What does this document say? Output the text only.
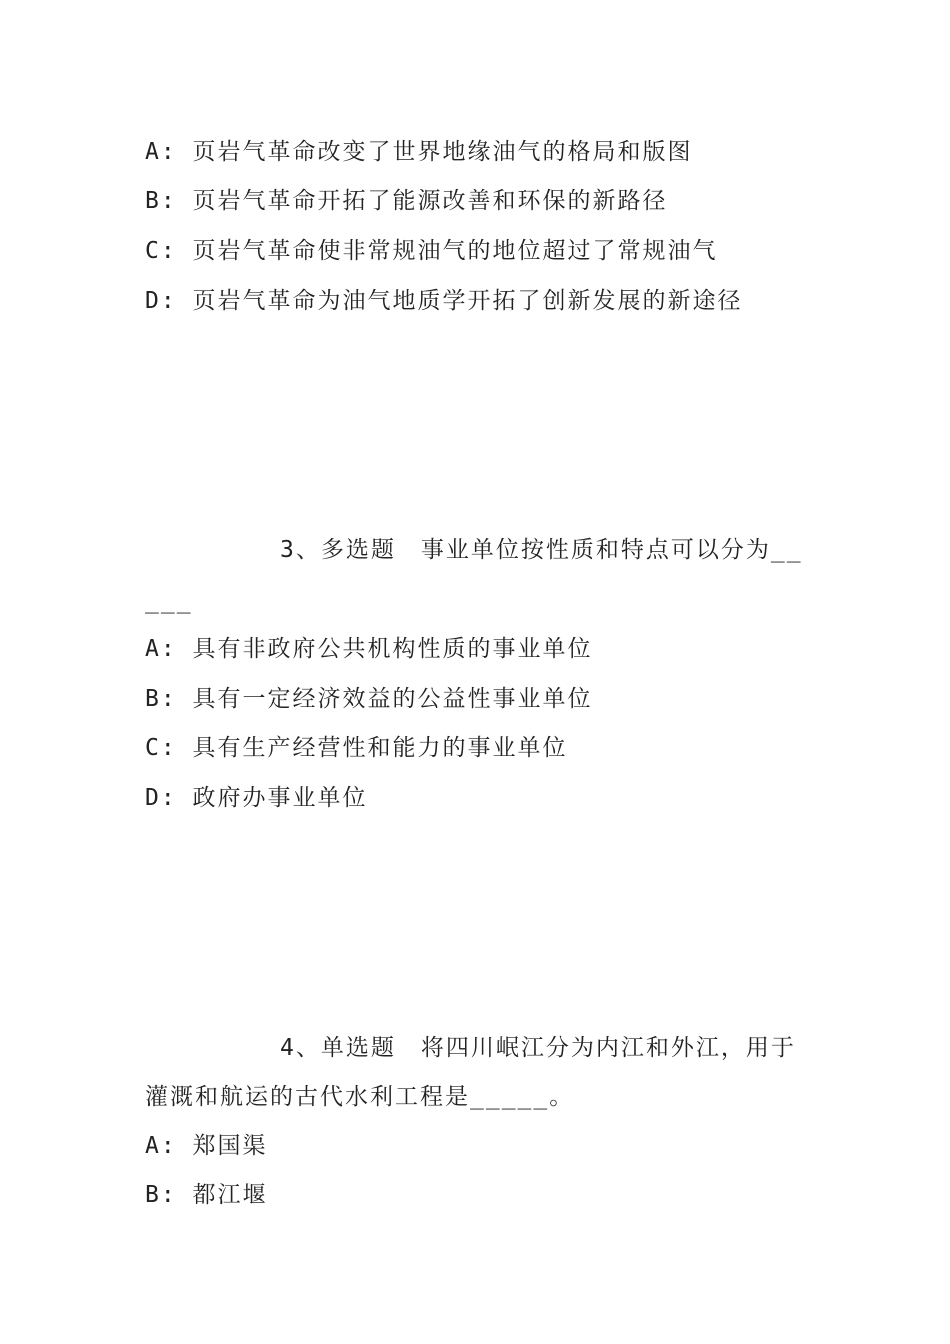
A: 页岩气革命改变了世界地缘油气的格局和版图
B: 页岩气革命开拓了能源改善和环保的新路径
C: 页岩气革命使非常规油气的地位超过了常规油气
D: 页岩气革命为油气地质学开拓了创新发展的新途径
3、多选题　事业单位按性质和特点可以分为__
___
A: 具有非政府公共机构性质的事业单位
B: 具有一定经济效益的公益性事业单位
C: 具有生产经营性和能力的事业单位
D: 政府办事业单位
4、单选题　将四川岷江分为内江和外江，用于
灌溉和航运的古代水利工程是_____。
A: 郑国渠
B: 都江堰
